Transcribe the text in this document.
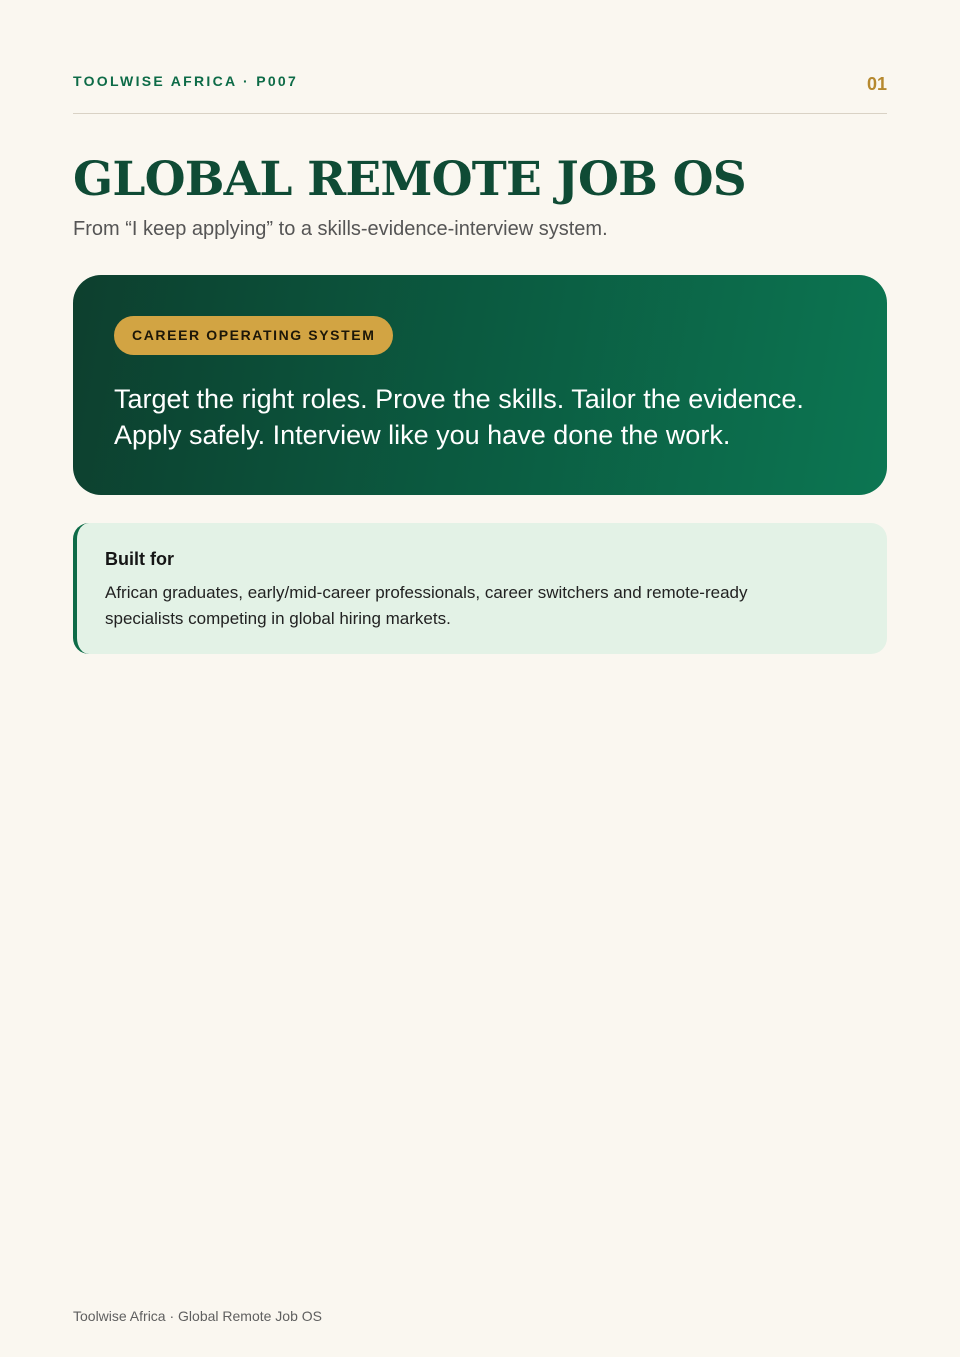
TOOLWISE AFRICA · P007	01
GLOBAL REMOTE JOB OS

From “I keep applying” to a skills-evidence-interview system.

CAREER OPERATING SYSTEM

Target the right roles. Prove the skills. Tailor the evidence. Apply safely. Interview like you have done the work.

Built for

African graduates, early/mid-career professionals, career switchers and remote-ready specialists competing in global hiring markets.

Toolwise Africa · Global Remote Job OS
